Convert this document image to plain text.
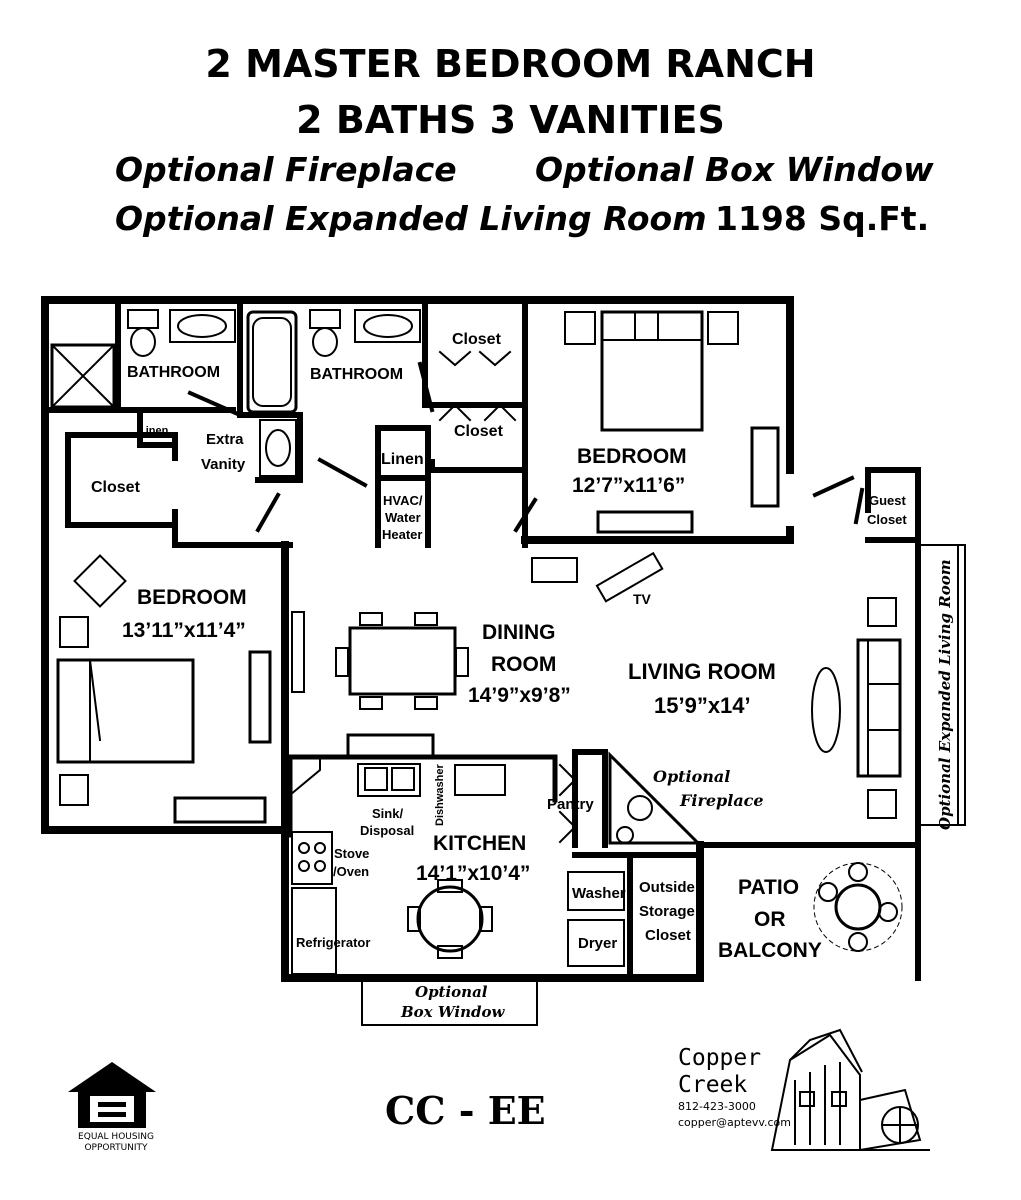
2 MASTER BEDROOM RANCH
2 BATHS 3 VANITIES
Optional Fireplace Optional Box Window
Optional Expanded Living Room 1198 Sq.Ft.
BATHROOM	BATHROOM
Closet
Closet
Closet
Linen
Linen
Extra
Vanity
HVAC/
Water
Heater
BEDROOM
12’7”x11’6”
Guest
Closet
BEDROOM
13’11”x11’4”	DINING
ROOM
14’9”x9’8”
LIVING ROOM
15’9”x14’
TV	Optional Expanded Living Room
Optional
Fireplace
Pantry
Dishwasher
Sink/
Disposal
KITCHEN
14’1”x10’4”
Stove
/Oven
Refrigerator
Washer
Dryer
Outside
Storage
Closet
PATIO
OR
BALCONY
Optional
Box Window
CC - EE
EQUAL HOUSING
OPPORTUNITY
Copper
Creek
812-423-3000
copper@aptevv.com
